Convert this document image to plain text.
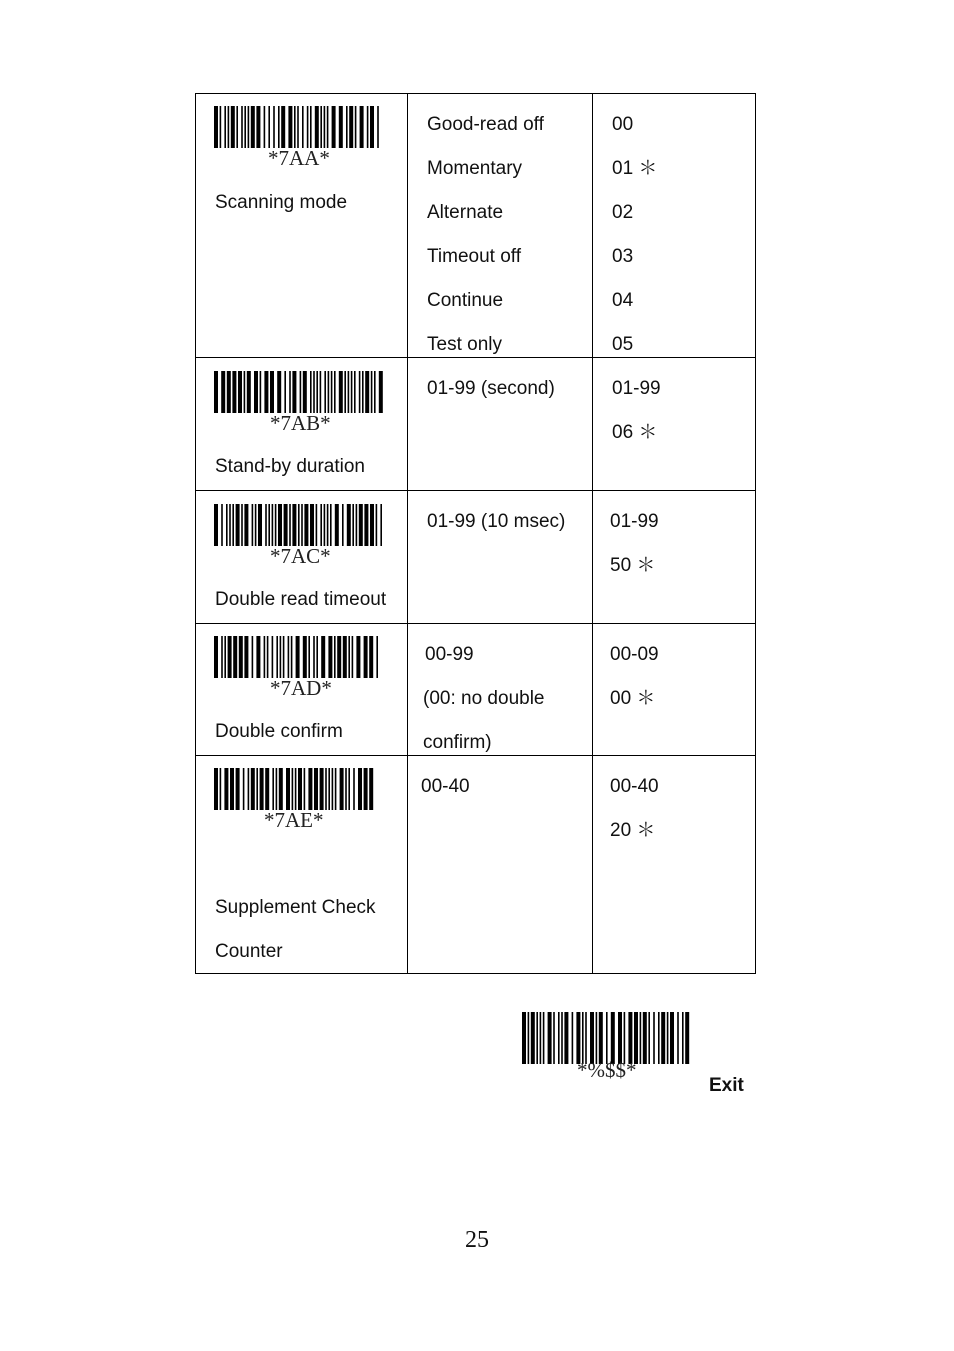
*7AA*
Scanning mode
Good-read off
Momentary
Alternate
Timeout off
Continue
Test only
00
01 ＊
02
03
04
05
*7AB*
Stand-by duration
01-99 (second)	01-99
06 ＊
*7AC*
Double read timeout
01-99 (10 msec) 01-99
50 ＊
*7AD*
Double confirm
00-99
(00: no double
confirm)
00-09
00 ＊
*7AE*
Supplement Check
Counter
00-40	00-40
20 ＊
*%$$*
Exit
25
